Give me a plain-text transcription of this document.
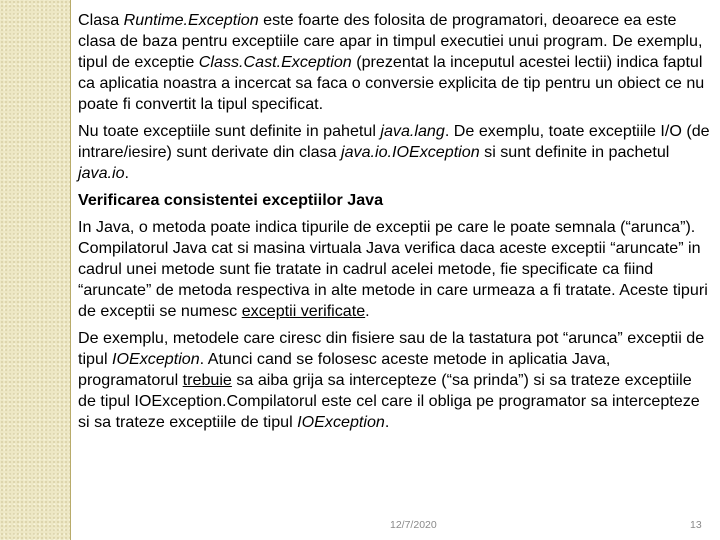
Clasa Runtime.Exception este foarte des folosita de programatori, deoarece ea este clasa de baza pentru exceptiile care apar in timpul executiei unui program. De exemplu, tipul de exceptie Class.Cast.Exception (prezentat la inceputul acestei lectii) indica faptul ca aplicatia noastra a incercat sa faca o conversie explicita de tip pentru un obiect ce nu poate fi convertit la tipul specificat.

Nu toate exceptiile sunt definite in pahetul java.lang. De exemplu, toate exceptiile I/O (de intrare/iesire) sunt derivate din clasa java.io.IOException si sunt definite in pachetul java.io.

Verificarea consistentei exceptiilor Java

In Java, o metoda poate indica tipurile de exceptii pe care le poate semnala (“arunca”). Compilatorul Java cat si masina virtuala Java verifica daca aceste exceptii “aruncate” in cadrul unei metode sunt fie tratate in cadrul acelei metode, fie specificate ca fiind “aruncate” de metoda respectiva in alte metode in care urmeaza a fi tratate. Aceste tipuri de exceptii se numesc exceptii verificate.

De exemplu, metodele care ciresc din fisiere sau de la tastatura pot “arunca” exceptii de tipul IOException. Atunci cand se folosesc aceste metode in aplicatia Java, programatorul trebuie sa aiba grija sa intercepteze (“sa prinda”) si sa trateze exceptiile de tipul IOException.Compilatorul este cel care il obliga pe programator sa intercepteze si sa trateze exceptiile de tipul IOException.

12/7/2020	13
